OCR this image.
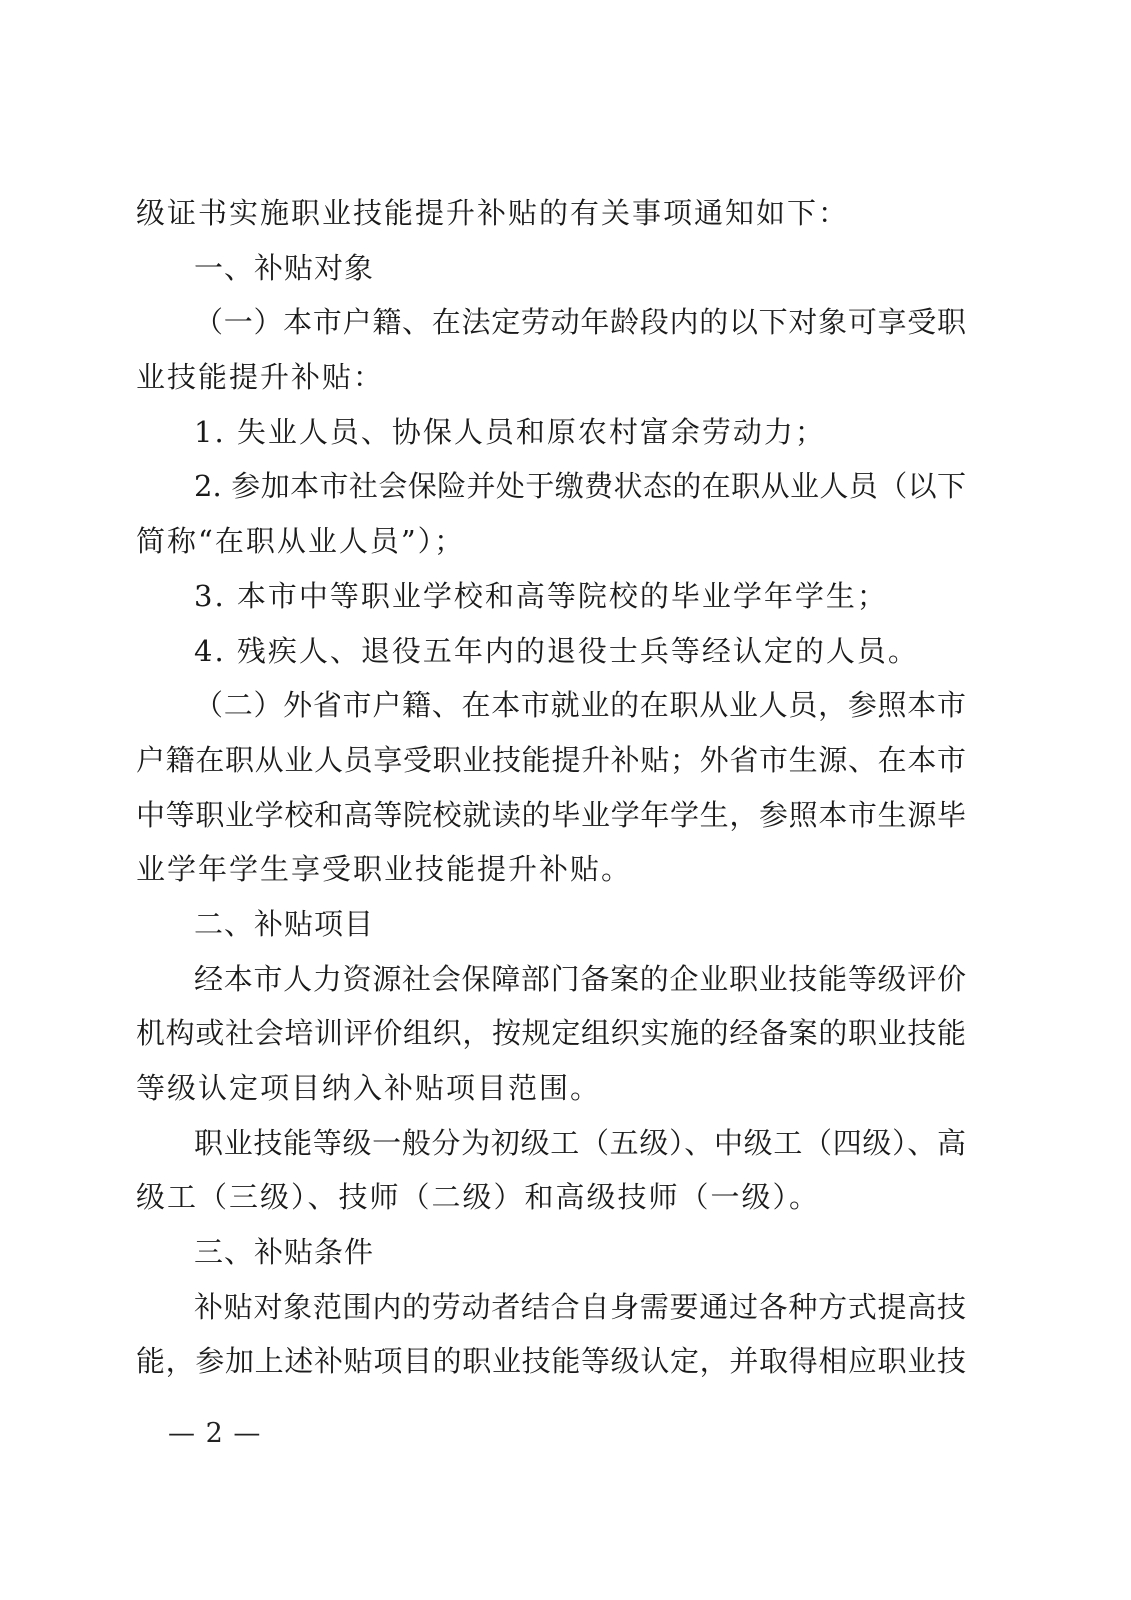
级证书实施职业技能提升补贴的有关事项通知如下：
一、补贴对象
（一）本市户籍、在法定劳动年龄段内的以下对象可享受职
业技能提升补贴：
1. 失业人员、协保人员和原农村富余劳动力；
2. 参加本市社会保险并处于缴费状态的在职从业人员（以下
简称“在职从业人员”）；
3. 本市中等职业学校和高等院校的毕业学年学生；
4. 残疾人、退役五年内的退役士兵等经认定的人员。
（二）外省市户籍、在本市就业的在职从业人员，参照本市
户籍在职从业人员享受职业技能提升补贴；外省市生源、在本市
中等职业学校和高等院校就读的毕业学年学生，参照本市生源毕
业学年学生享受职业技能提升补贴。
二、补贴项目
经本市人力资源社会保障部门备案的企业职业技能等级评价
机构或社会培训评价组织，按规定组织实施的经备案的职业技能
等级认定项目纳入补贴项目范围。
职业技能等级一般分为初级工（五级）、中级工（四级）、高
级工（三级）、技师（二级）和高级技师（一级）。
三、补贴条件
补贴对象范围内的劳动者结合自身需要通过各种方式提高技
能，参加上述补贴项目的职业技能等级认定，并取得相应职业技
— 2 —
